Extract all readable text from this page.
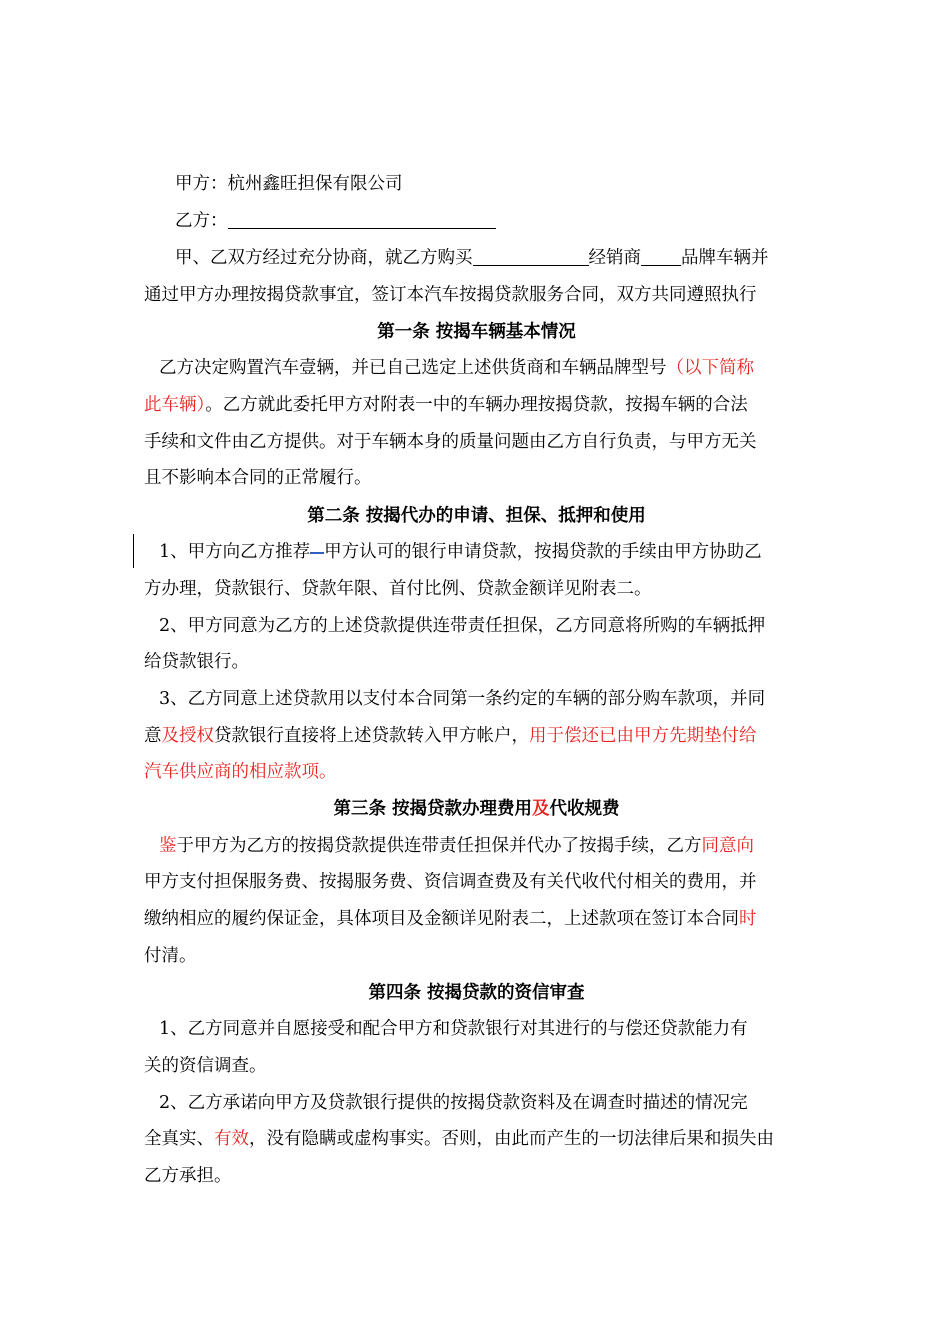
甲方：杭州鑫旺担保有限公司
乙方：
甲、乙双方经过充分协商，就乙方购买	经销商 品牌车辆并
通过甲方办理按揭贷款事宜，签订本汽车按揭贷款服务合同，双方共同遵照执行
第一条 按揭车辆基本情况
乙方决定购置汽车壹辆，并已自己选定上述供货商和车辆品牌型号（以下简称
此车辆）。乙方就此委托甲方对附表一中的车辆办理按揭贷款，按揭车辆的合法
手续和文件由乙方提供。对于车辆本身的质量问题由乙方自行负责，与甲方无关
且不影响本合同的正常履行。
第二条 按揭代办的申请、担保、抵押和使用
1、甲方向乙方推荐 甲方认可的银行申请贷款，按揭贷款的手续由甲方协助乙
方办理，贷款银行、贷款年限、首付比例、贷款金额详见附表二。
2、甲方同意为乙方的上述贷款提供连带责任担保，乙方同意将所购的车辆抵押
给贷款银行。
3、乙方同意上述贷款用以支付本合同第一条约定的车辆的部分购车款项，并同
意及授权贷款银行直接将上述贷款转入甲方帐户，用于偿还已由甲方先期垫付给
汽车供应商的相应款项。
第三条 按揭贷款办理费用及代收规费
鉴于甲方为乙方的按揭贷款提供连带责任担保并代办了按揭手续，乙方同意向
甲方支付担保服务费、按揭服务费、资信调查费及有关代收代付相关的费用，并
缴纳相应的履约保证金，具体项目及金额详见附表二，上述款项在签订本合同时
付清。
第四条 按揭贷款的资信审查
1、乙方同意并自愿接受和配合甲方和贷款银行对其进行的与偿还贷款能力有
关的资信调查。
2、乙方承诺向甲方及贷款银行提供的按揭贷款资料及在调查时描述的情况完
全真实、有效，没有隐瞒或虚构事实。否则，由此而产生的一切法律后果和损失由
乙方承担。
